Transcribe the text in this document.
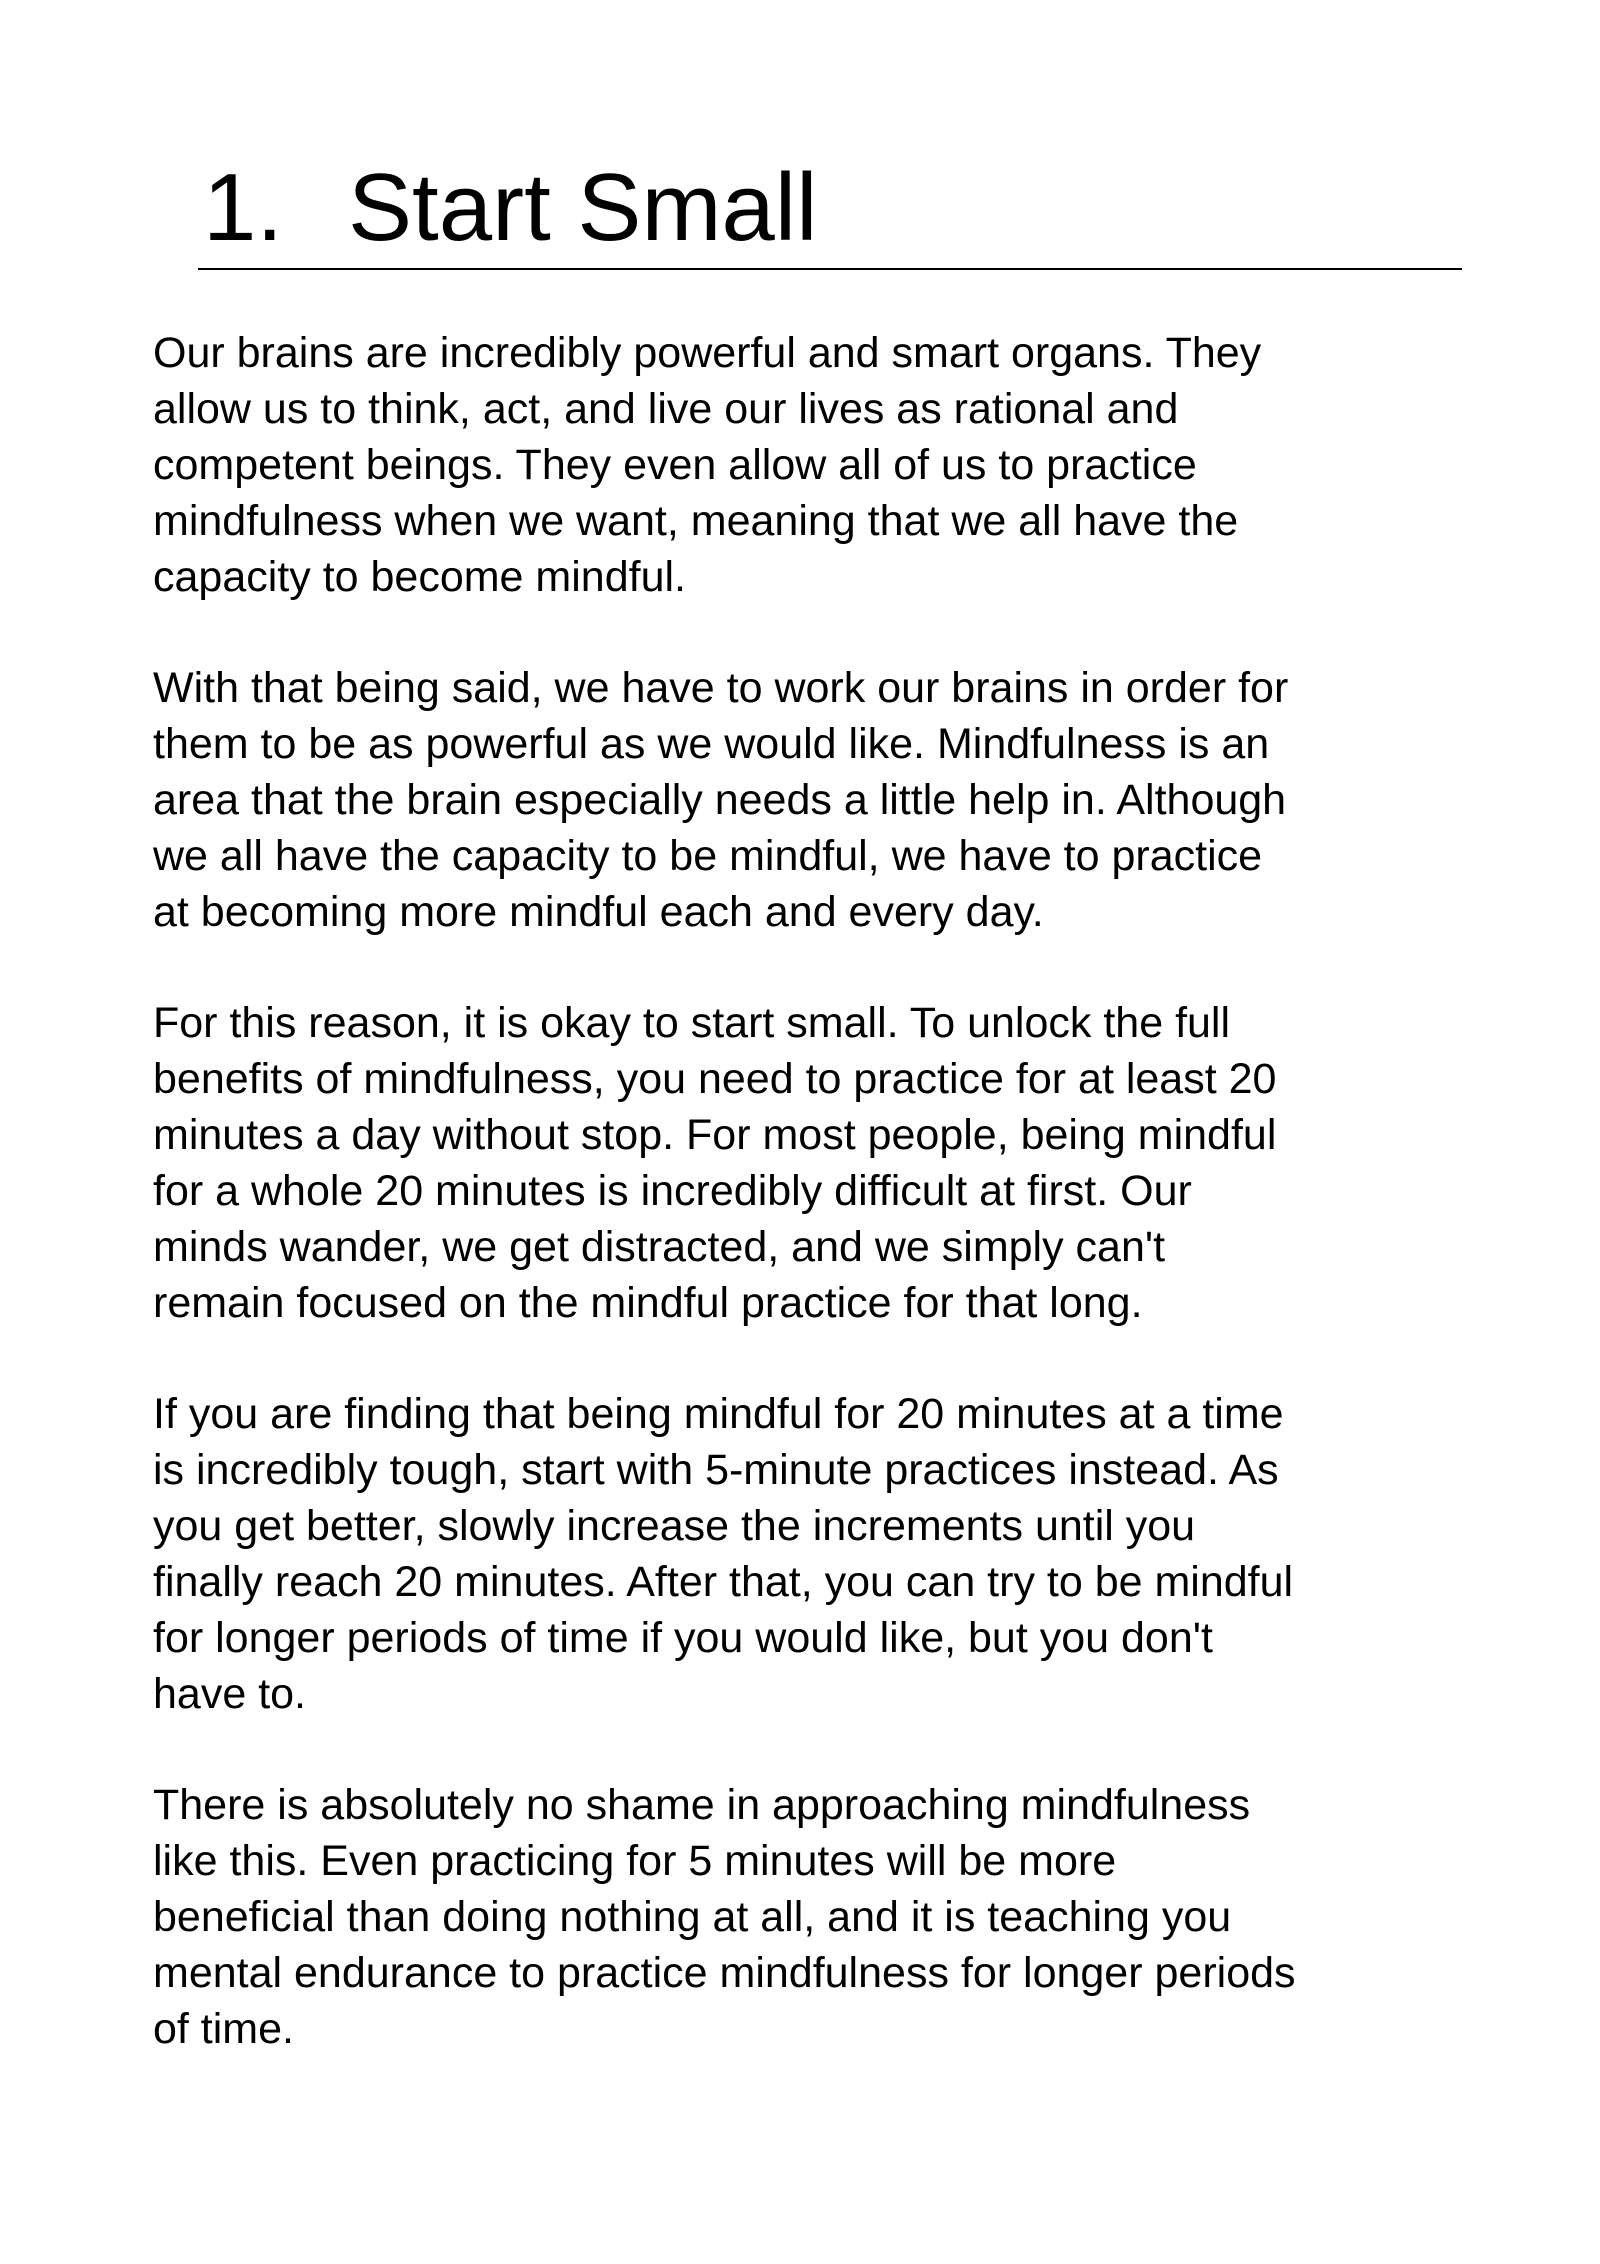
1. Start Small

Our brains are incredibly powerful and smart organs. They
allow us to think, act, and live our lives as rational and
competent beings. They even allow all of us to practice
mindfulness when we want, meaning that we all have the
capacity to become mindful.

With that being said, we have to work our brains in order for
them to be as powerful as we would like. Mindfulness is an
area that the brain especially needs a little help in. Although
we all have the capacity to be mindful, we have to practice
at becoming more mindful each and every day.

For this reason, it is okay to start small. To unlock the full
benefits of mindfulness, you need to practice for at least 20
minutes a day without stop. For most people, being mindful
for a whole 20 minutes is incredibly difficult at first. Our
minds wander, we get distracted, and we simply can't
remain focused on the mindful practice for that long.

If you are finding that being mindful for 20 minutes at a time
is incredibly tough, start with 5-minute practices instead. As
you get better, slowly increase the increments until you
finally reach 20 minutes. After that, you can try to be mindful
for longer periods of time if you would like, but you don't
have to.

There is absolutely no shame in approaching mindfulness
like this. Even practicing for 5 minutes will be more
beneficial than doing nothing at all, and it is teaching you
mental endurance to practice mindfulness for longer periods
of time.
